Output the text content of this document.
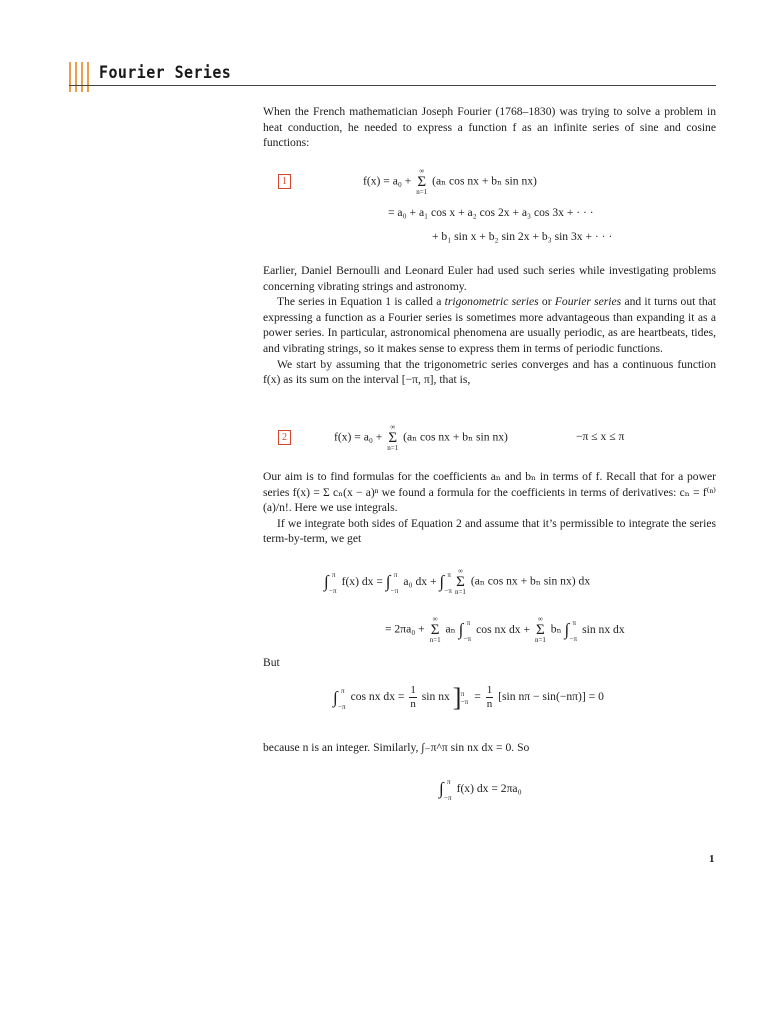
Fourier Series

When the French mathematician Joseph Fourier (1768–1830) was trying to solve a problem in heat conduction, he needed to express a function f as an infinite series of sine and cosine functions:

1	f(x) = a₀ +
∞
Σ
n=1
(aₙ cos nx + bₙ sin nx)
= a₀ + a₁ cos x + a₂ cos 2x + a₃ cos 3x + · · ·
+ b₁ sin x + b₂ sin 2x + b₃ sin 3x + · · ·

Earlier, Daniel Bernoulli and Leonard Euler had used such series while investigating problems concerning vibrating strings and astronomy.

The series in Equation 1 is called a trigonometric series or Fourier series and it turns out that expressing a function as a Fourier series is sometimes more advantageous than expanding it as a power series. In particular, astronomical phenomena are usually periodic, as are heartbeats, tides, and vibrating strings, so it makes sense to express them in terms of periodic functions.

We start by assuming that the trigonometric series converges and has a continuous function f(x) as its sum on the interval [−π, π], that is,

2	f(x) = a₀ +
∞
Σ
n=1
(aₙ cos nx + bₙ sin nx)	−π ≤ x ≤ π

Our aim is to find formulas for the coefficients aₙ and bₙ in terms of f. Recall that for a power series f(x) = Σ cₙ(x − a)ⁿ we found a formula for the coefficients in terms of derivatives: cₙ = f⁽ⁿ⁾(a)/n!. Here we use integrals.

If we integrate both sides of Equation 2 and assume that it’s permissible to integrate the series term-by-term, we get

∫ π
−π
f(x) dx = ∫ π
−π
a₀ dx + ∫ π
−π

∞
Σ
n=1
(aₙ cos nx + bₙ sin nx) dx
= 2πa₀ +
∞
Σ
n=1
aₙ ∫ π
−π
cos nx dx +
∞
Σ
n=1
bₙ ∫ π
−π
sin nx dx

But

∫ π
−π
cos nx dx = $\frac{1}{n}$ sin nx ] π
$-\pi = \frac{1}{n} [\sin$ nπ − sin(−nπ)] = 0

because n is an integer. Similarly, ∫₋π^π sin nx dx = 0. So

∫ π
−π
f(x) dx = 2πa₀
1
